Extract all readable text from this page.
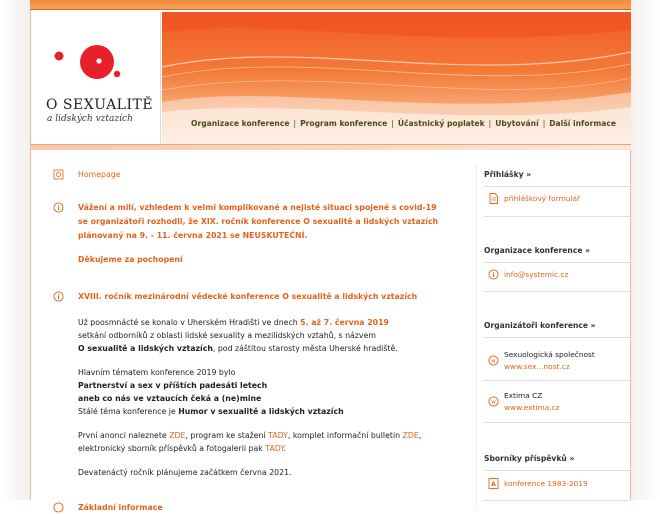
O SEXUALITĚ
a lidských vztazích	Organizace konference | Program konference | Účastnický poplatek | Ubytování | Další informace
Homepage
Vážení a milí, vzhledem k velmi komplikované a nejisté situaci spojené s covid-19
se organizátoři rozhodli, že XIX. ročník konference O sexualitě a lidských vztazích
plánovaný na 9. - 11. června 2021 se NEUSKUTEČNÍ.
Děkujeme za pochopení
XVIII. ročník mezinárodní vědecké konference O sexualitě a lidských vztazích
Už poosmnácté se konalo v Uherském Hradišti ve dnech 5. až 7. června 2019
setkání odborníků z oblasti lidské sexuality a mezilidských vztahů, s názvem
O sexualitě a lidských vztazích, pod záštitou starosty města Uherské hradiště.
Hlavním tématem konference 2019 bylo
Partnerství a sex v příštích padesáti letech
aneb co nás ve vztaucích čeká a (ne)mine
Stálé téma konference je Humor v sexualitě a lidských vztazích
První anonci naleznete ZDE, program ke stažení TADY, komplet informační bulletin ZDE,
elektronický sborník příspěvků a fotogalerii pak TADY.
Devatenáctý ročník plánujeme začátkem června 2021.
Základní informace
Přihlášky »
přihláškový formulář
Organizace konference »
info@systemic.cz
Organizátoři konference »
w
Sexuologická společnost
www.sex...nost.cz
w
Extima CZ
www.extima.cz
Sborníky příspěvků »
A konference 1983-2019
